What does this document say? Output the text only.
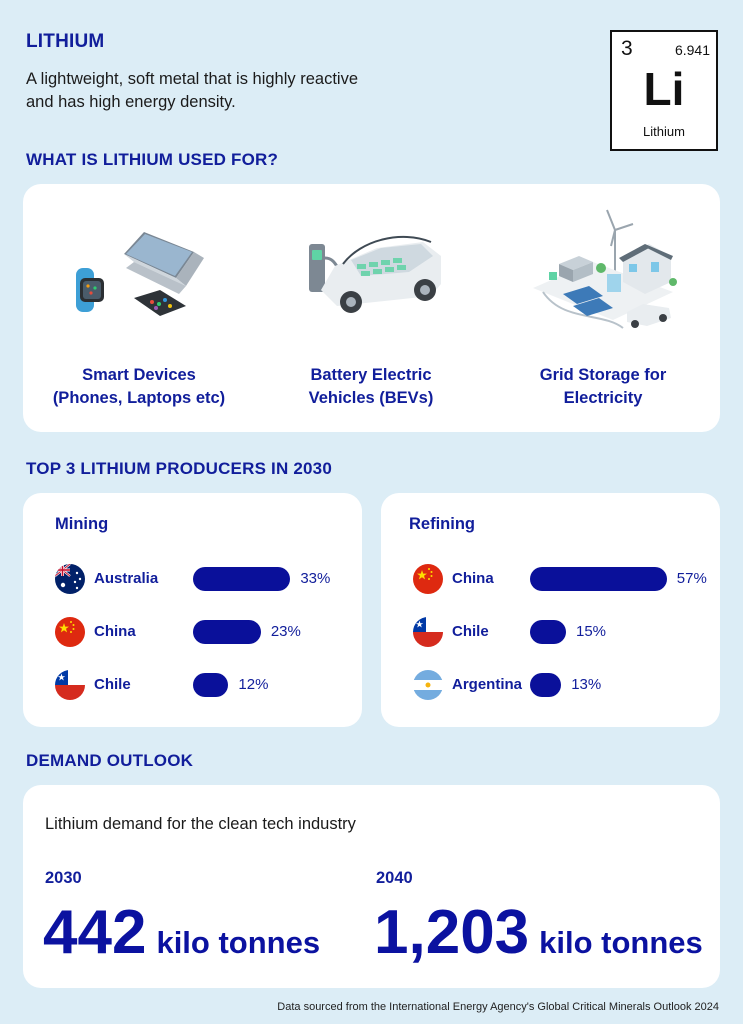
LITHIUM
A lightweight, soft metal that is highly reactive and has high energy density.
3	6.941
Li
Lithium
WHAT IS LITHIUM USED FOR?
Smart Devices
(Phones, Laptops etc)
Battery Electric
Vehicles (BEVs)
Grid Storage for
Electricity
TOP 3 LITHIUM PRODUCERS IN 2030
Mining
Australia	33%
China	23%
Chile	12%
Refining
China	57%
Chile	15%
Argentina	13%
DEMAND OUTLOOK
Lithium demand for the clean tech industry
2030
442 kilo tonnes
2040
1,203 kilo tonnes
Data sourced from the International Energy Agency's Global Critical Minerals Outlook 2024
